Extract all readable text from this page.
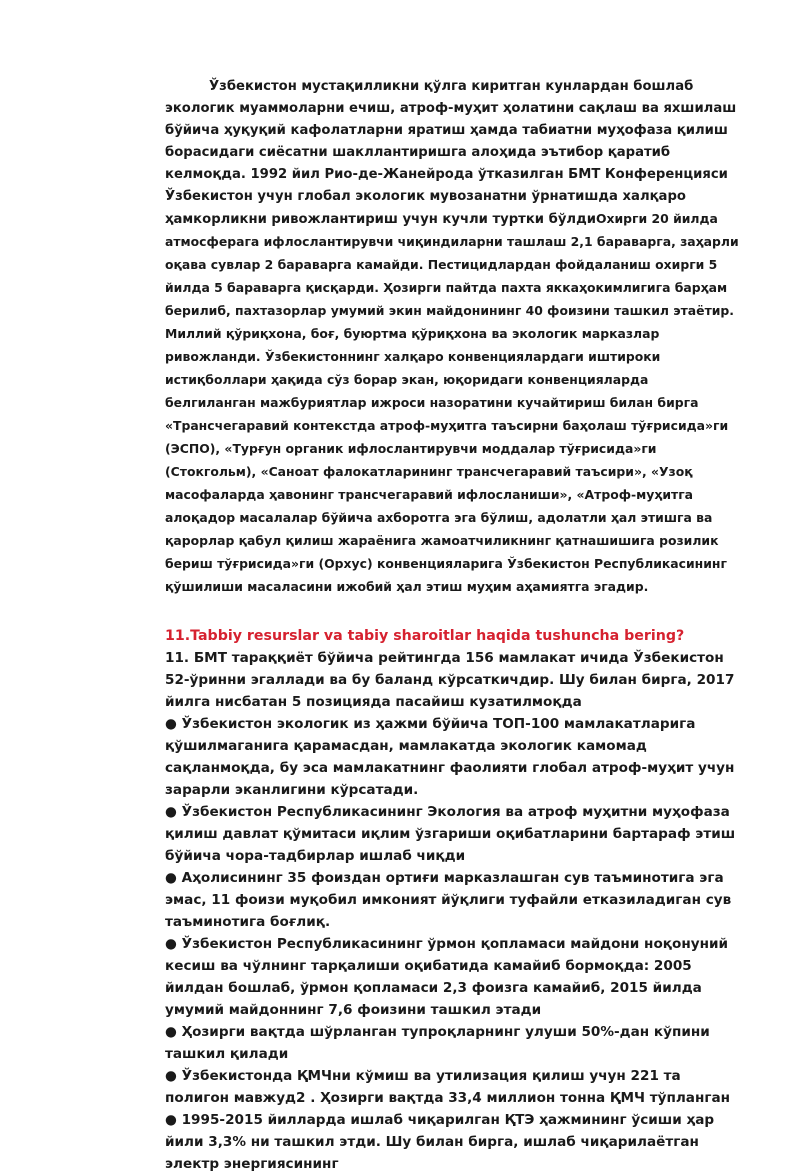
Ўзбекистон мустақилликни қўлга киритган кунлардан бошлаб экологик муаммоларни ечиш, атроф-муҳит ҳолатини сақлаш ва яхшилаш бўйича ҳуқуқий кафолатларни яратиш ҳамда табиатни муҳофаза қилиш борасидаги сиёсатни шакллантиришга алоҳида эътибор қаратиб келмоқда. 1992 йил Рио-де-Жанейрода ўтказилган БМТ Конференцияси Ўзбекистон учун глобал экологик мувозанатни ўрнатишда халқаро ҳамкорликни ривожлантириш учун кучли туртки бўлдиОхирги 20 йилда атмосферага ифлослантирувчи чиқиндиларни ташлаш 2,1 бараварга, заҳарли оқава сувлар 2 бараварга камайди. Пестицидлардан фойдаланиш охирги 5 йилда 5 бараварга қисқарди. Ҳозирги пайтда пахта яккаҳокимлигига барҳам берилиб, пахтазорлар умумий экин майдонининг 40 фоизини ташкил этаётир. Миллий қўриқхона, боғ, буюртма қўриқхона ва экологик марказлар ривожланди. Ўзбекистоннинг халқаро конвенциялардаги иштироки истиқболлари ҳақида сўз борар экан, юқоридаги конвенцияларда белгиланган мажбуриятлар ижроси назоратини кучайтириш билан бирга «Трансчегаравий контекстда атроф-муҳитга таъсирни баҳолаш тўғрисида»ги (ЭСПО), «Турғун органик ифлослантирувчи моддалар тўғрисида»ги (Стокгольм), «Саноат фалокатларининг трансчегаравий таъсири», «Узоқ масофаларда ҳавонинг трансчегаравий ифлосланиши», «Атроф-муҳитга алоқадор масалалар бўйича ахборотга эга бўлиш, адолатли ҳал этишга ва қарорлар қабул қилиш жараёнига жамоатчиликнинг қатнашишига розилик бериш тўғрисида»ги (Орхус) конвенцияларига Ўзбекистон Республикасининг қўшилиши масаласини ижобий ҳал этиш муҳим аҳамиятга эгадир.

11.Tabbiy resurslar va tabiy sharoitlar haqida tushuncha bering?

11. БМТ тараққиёт бўйича рейтингда 156 мамлакат ичида Ўзбекистон 52-ўринни эгаллади ва бу баланд кўрсаткичдир. Шу билан бирга, 2017 йилга нисбатан 5 позицияда пасайиш кузатилмоқда

● Ўзбекистон экологик из ҳажми бўйича ТОП-100 мамлакатларига қўшилмаганига қарамасдан, мамлакатда экологик камомад сақланмоқда, бу эса мамлакатнинг фаолияти глобал атроф-муҳит учун зарарли эканлигини кўрсатади.

● Ўзбекистон Республикасининг Экология ва атроф муҳитни муҳофаза қилиш давлат қўмитаси иқлим ўзгариши оқибатларини бартараф этиш бўйича чора-тадбирлар ишлаб чиқди

● Аҳолисининг 35 фоиздан ортиғи марказлашган сув таъминотига эга эмас, 11 фоизи муқобил имконият йўқлиги туфайли етказиладиган сув таъминотига боғлиқ.

● Ўзбекистон Республикасининг ўрмон қопламаси майдони ноқонуний кесиш ва чўлнинг тарқалиши оқибатида камайиб бормоқда: 2005 йилдан бошлаб, ўрмон қопламаси 2,3 фоизга камайиб, 2015 йилда умумий майдоннинг 7,6 фоизини ташкил этади

● Ҳозирги вақтда шўрланган тупроқларнинг улуши 50%-дан кўпини ташкил қилади

● Ўзбекистонда ҚМЧни кўмиш ва утилизация қилиш учун 221 та полигон мавжуд2 . Ҳозирги вақтда 33,4 миллион тонна ҚМЧ тўпланган

● 1995-2015 йилларда ишлаб чиқарилган ҚТЭ ҳажмининг ўсиши ҳар йили 3,3% ни ташкил этди. Шу билан бирга, ишлаб чиқарилаётган электр энергиясининг
